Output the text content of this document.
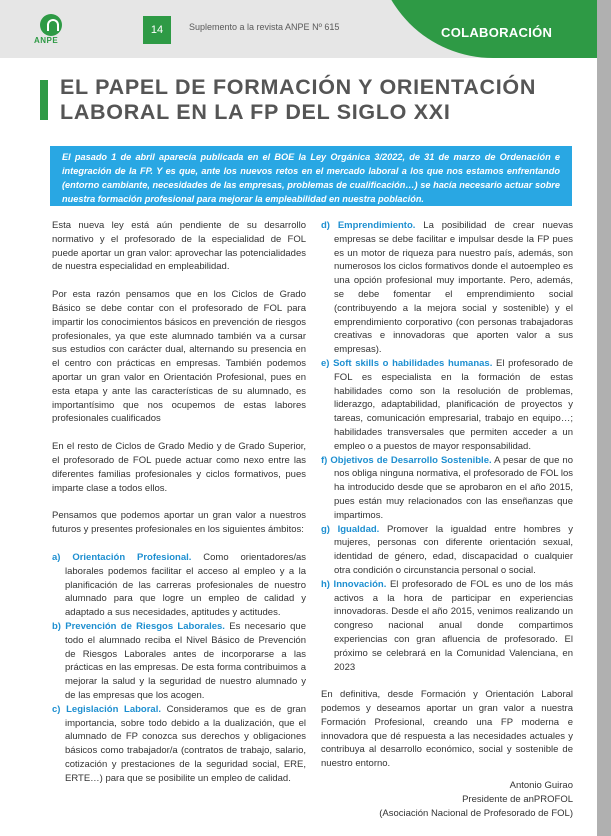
ANPE
14	Suplemento a la revista ANPE Nº 615	COLABORACIÓN
EL PAPEL DE FORMACIÓN Y ORIENTACIÓN LABORAL EN LA FP DEL SIGLO XXI

El pasado 1 de abril aparecía publicada en el BOE la Ley Orgánica 3/2022, de 31 de marzo de Ordenación e integración de la FP. Y es que, ante los nuevos retos en el mercado laboral a los que nos estamos enfrentando (entorno cambiante, necesidades de las empresas, problemas de cualificación…) se hacía necesario actuar sobre nuestra formación profesional para mejorar la empleabilidad en nuestra población.

Esta nueva ley está aún pendiente de su desarrollo normativo y el profesorado de la especialidad de FOL puede aportar un gran valor: aprovechar las potencialidades de nuestra especialidad en empleabilidad.

Por esta razón pensamos que en los Ciclos de Grado Básico se debe contar con el profesorado de FOL para impartir los conocimientos básicos en prevención de riesgos profesionales, ya que este alumnado también va a cursar sus estudios con carácter dual, alternando su presencia en el centro con prácticas en empresas. También podemos aportar un gran valor en Orientación Profesional, pues en esta etapa y ante las características de su alumnado, es importantísimo que nos ocupemos de estas labores profesionales cualificados

En el resto de Ciclos de Grado Medio y de Grado Superior, el profesorado de FOL puede actuar como nexo entre las diferentes familias profesionales y ciclos formativos, pues imparte clase a todos ellos.

Pensamos que podemos aportar un gran valor a nuestros futuros y presentes profesionales en los siguientes ámbitos:

a) Orientación Profesional. Como orientadores/as laborales podemos facilitar el acceso al empleo y a la planificación de las carreras profesionales de nuestro alumnado para que logre un empleo de calidad y adaptado a sus necesidades, aptitudes y actitudes.
b) Prevención de Riesgos Laborales. Es necesario que todo el alumnado reciba el Nivel Básico de Prevención de Riesgos Laborales antes de incorporarse a las prácticas en las empresas. De esta forma contribuimos a mejorar la salud y la seguridad de nuestro alumnado y de las empresas que los acogen.
c) Legislación Laboral. Consideramos que es de gran importancia, sobre todo debido a la dualización, que el alumnado de FP conozca sus derechos y obligaciones básicos como trabajador/a (contratos de trabajo, salario, cotización y prestaciones de la seguridad social, ERE, ERTE…) para que se posibilite un empleo de calidad.
d) Emprendimiento. La posibilidad de crear nuevas empresas se debe facilitar e impulsar desde la FP pues es un motor de riqueza para nuestro país, además, son numerosos los ciclos formativos donde el autoempleo es una opción profesional muy importante. Pero, además, se debe fomentar el emprendimiento social (contribuyendo a la mejora social y sostenible) y el emprendimiento corporativo (con personas trabajadoras creativas e innovadoras que aporten valor a sus empresas).
e) Soft skills o habilidades humanas. El profesorado de FOL es especialista en la formación de estas habilidades como son la resolución de problemas, liderazgo, adaptabilidad, planificación de proyectos y tareas, comunicación empresarial, trabajo en equipo…; habilidades transversales que permiten acceder a un empleo o a puestos de mayor responsabilidad.
f) Objetivos de Desarrollo Sostenible. A pesar de que no nos obliga ninguna normativa, el profesorado de FOL los ha introducido desde que se aprobaron en el año 2015, pues están muy relacionados con las enseñanzas que impartimos.
g) Igualdad. Promover la igualdad entre hombres y mujeres, personas con diferente orientación sexual, identidad de género, edad, discapacidad o cualquier otra condición o circunstancia personal o social.
h) Innovación. El profesorado de FOL es uno de los más activos a la hora de participar en experiencias innovadoras. Desde el año 2015, venimos realizando un congreso nacional anual donde compartimos experiencias con gran afluencia de profesorado. El próximo se celebrará en la Comunidad Valenciana, en 2023

En definitiva, desde Formación y Orientación Laboral podemos y deseamos aportar un gran valor a nuestra Formación Profesional, creando una FP moderna e innovadora que dé respuesta a las necesidades actuales y contribuya al desarrollo económico, social y sostenible de nuestro entorno.

Antonio Guirao
Presidente de anPROFOL
(Asociación Nacional de Profesorado de FOL)
